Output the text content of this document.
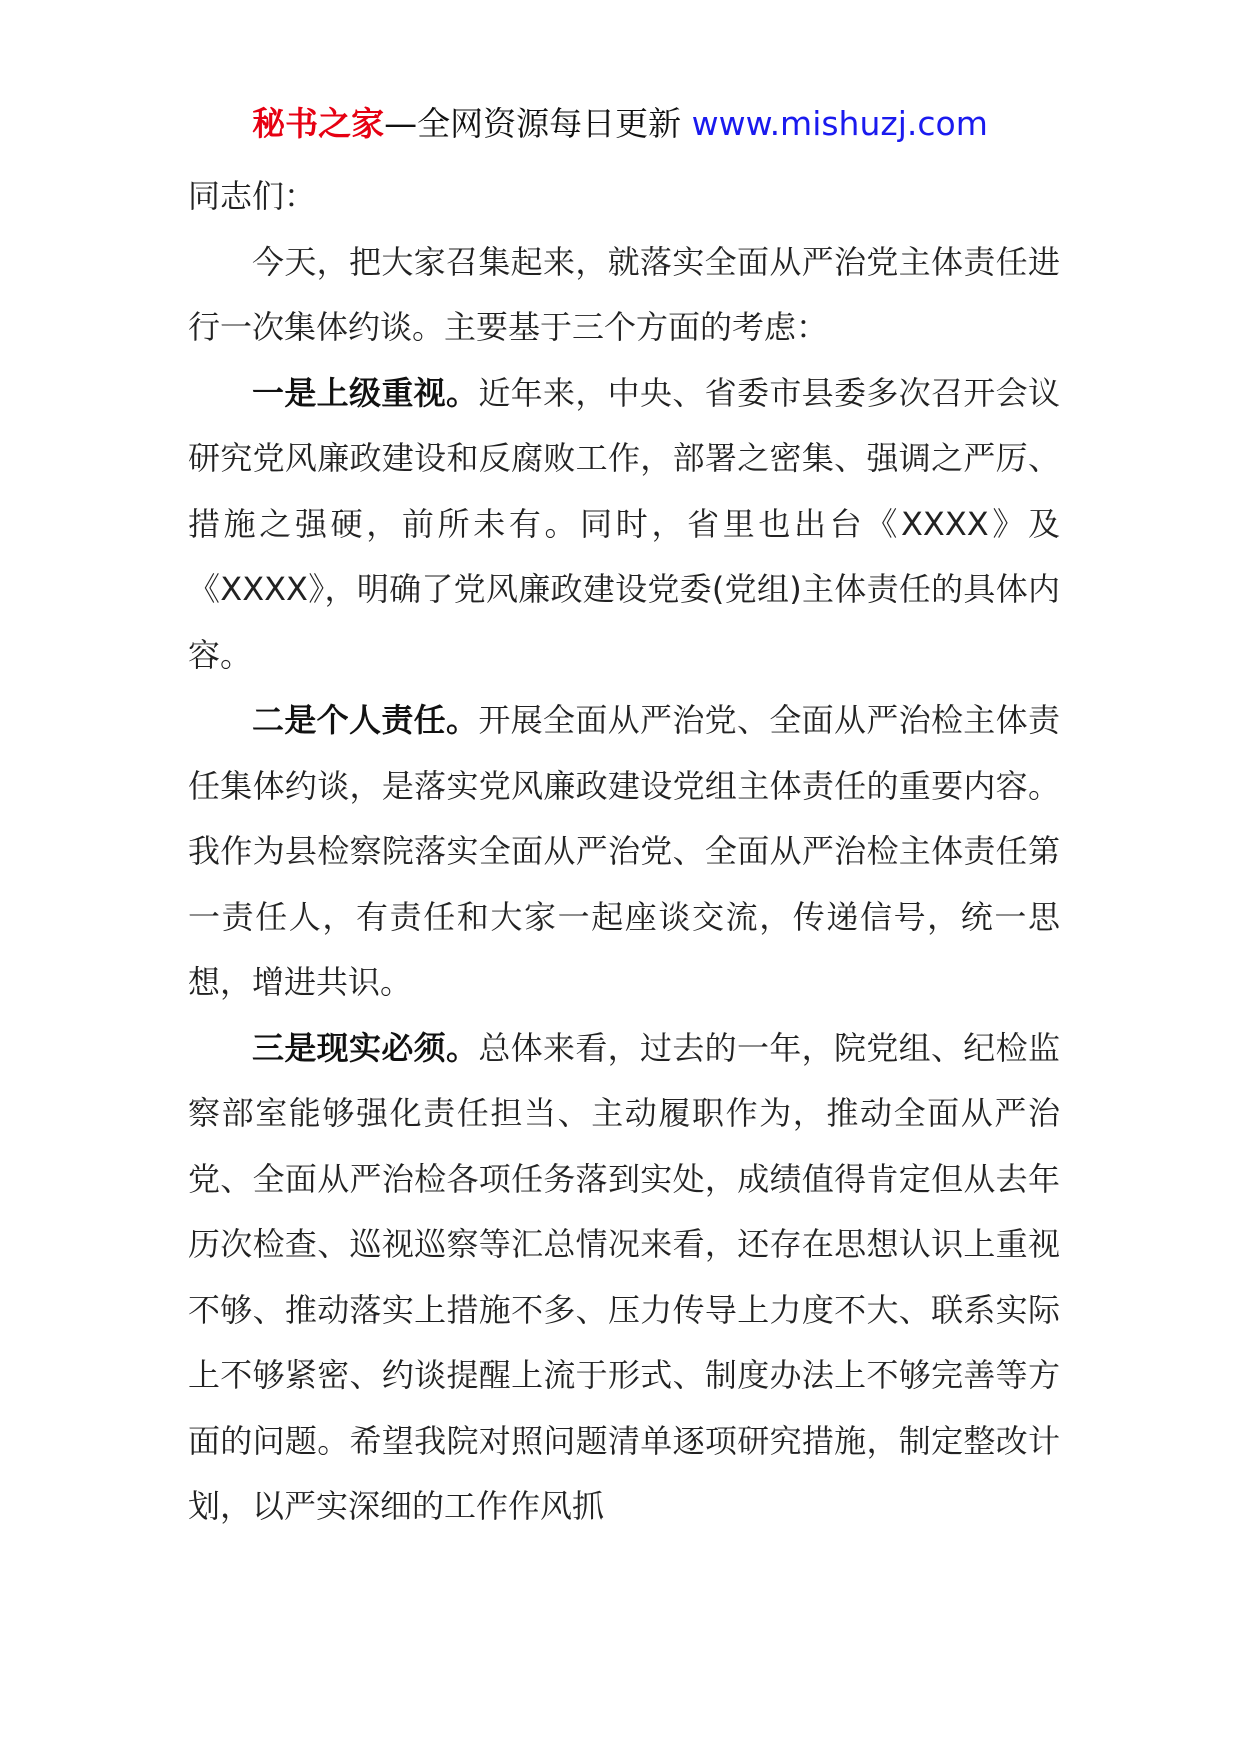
秘书之家—全网资源每日更新 www.mishuzj.com

同志们：

今天，把大家召集起来，就落实全面从严治党主体责任进行一次集体约谈。主要基于三个方面的考虑：

一是上级重视。近年来，中央、省委市县委多次召开会议研究党风廉政建设和反腐败工作，部署之密集、强调之严厉、措施之强硬，前所未有。同时，省里也出台《XXXX》及《XXXX》，明确了党风廉政建设党委(党组)主体责任的具体内容。

二是个人责任。开展全面从严治党、全面从严治检主体责任集体约谈，是落实党风廉政建设党组主体责任的重要内容。我作为县检察院落实全面从严治党、全面从严治检主体责任第一责任人，有责任和大家一起座谈交流，传递信号，统一思想，增进共识。

三是现实必须。总体来看，过去的一年，院党组、纪检监察部室能够强化责任担当、主动履职作为，推动全面从严治党、全面从严治检各项任务落到实处，成绩值得肯定但从去年历次检查、巡视巡察等汇总情况来看，还存在思想认识上重视不够、推动落实上措施不多、压力传导上力度不大、联系实际上不够紧密、约谈提醒上流于形式、制度办法上不够完善等方面的问题。希望我院对照问题清单逐项研究措施，制定整改计划，以严实深细的工作作风抓
